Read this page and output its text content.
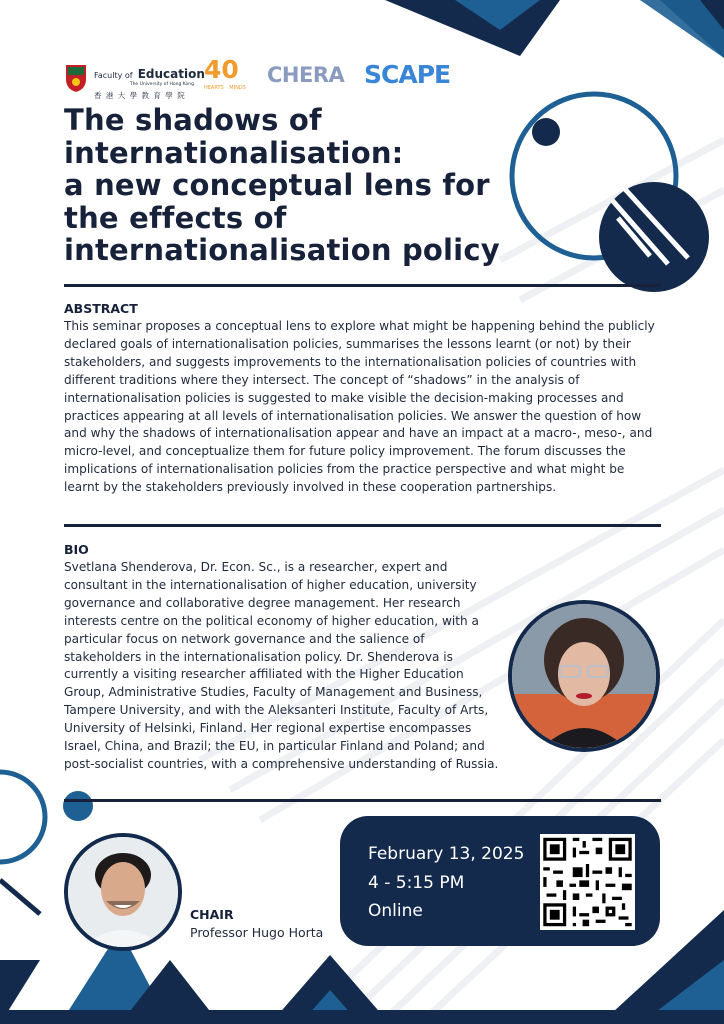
Faculty of Education
The University of Hong Kong
香 港 大 學 教 育 學 院
40
HEARTS MINDS
CHERA SCAPE
The shadows of
internationalisation:
a new conceptual lens for
the effects of
internationalisation policy
ABSTRACT

This seminar proposes a conceptual lens to explore what might be happening behind the publicly declared goals of internationalisation policies, summarises the lessons learnt (or not) by their stakeholders, and suggests improvements to the internationalisation policies of countries with different traditions where they intersect. The concept of “shadows” in the analysis of internationalisation policies is suggested to make visible the decision-making processes and practices appearing at all levels of internationalisation policies. We answer the question of how and why the shadows of internationalisation appear and have an impact at a macro-, meso-, and micro-level, and conceptualize them for future policy improvement. The forum discusses the implications of internationalisation policies from the practice perspective and what might be learnt by the stakeholders previously involved in these cooperation partnerships.

BIO

Svetlana Shenderova, Dr. Econ. Sc., is a researcher, expert and consultant in the internationalisation of higher education, university governance and collaborative degree management. Her research interests centre on the political economy of higher education, with a particular focus on network governance and the salience of stakeholders in the internationalisation policy. Dr. Shenderova is currently a visiting researcher affiliated with the Higher Education Group, Administrative Studies, Faculty of Management and Business, Tampere University, and with the Aleksanteri Institute, Faculty of Arts, University of Helsinki, Finland. Her regional expertise encompasses Israel, China, and Brazil; the EU, in particular Finland and Poland; and post-socialist countries, with a comprehensive understanding of Russia.

CHAIR
Professor Hugo Horta
February 13, 2025
4 - 5:15 PM
Online
